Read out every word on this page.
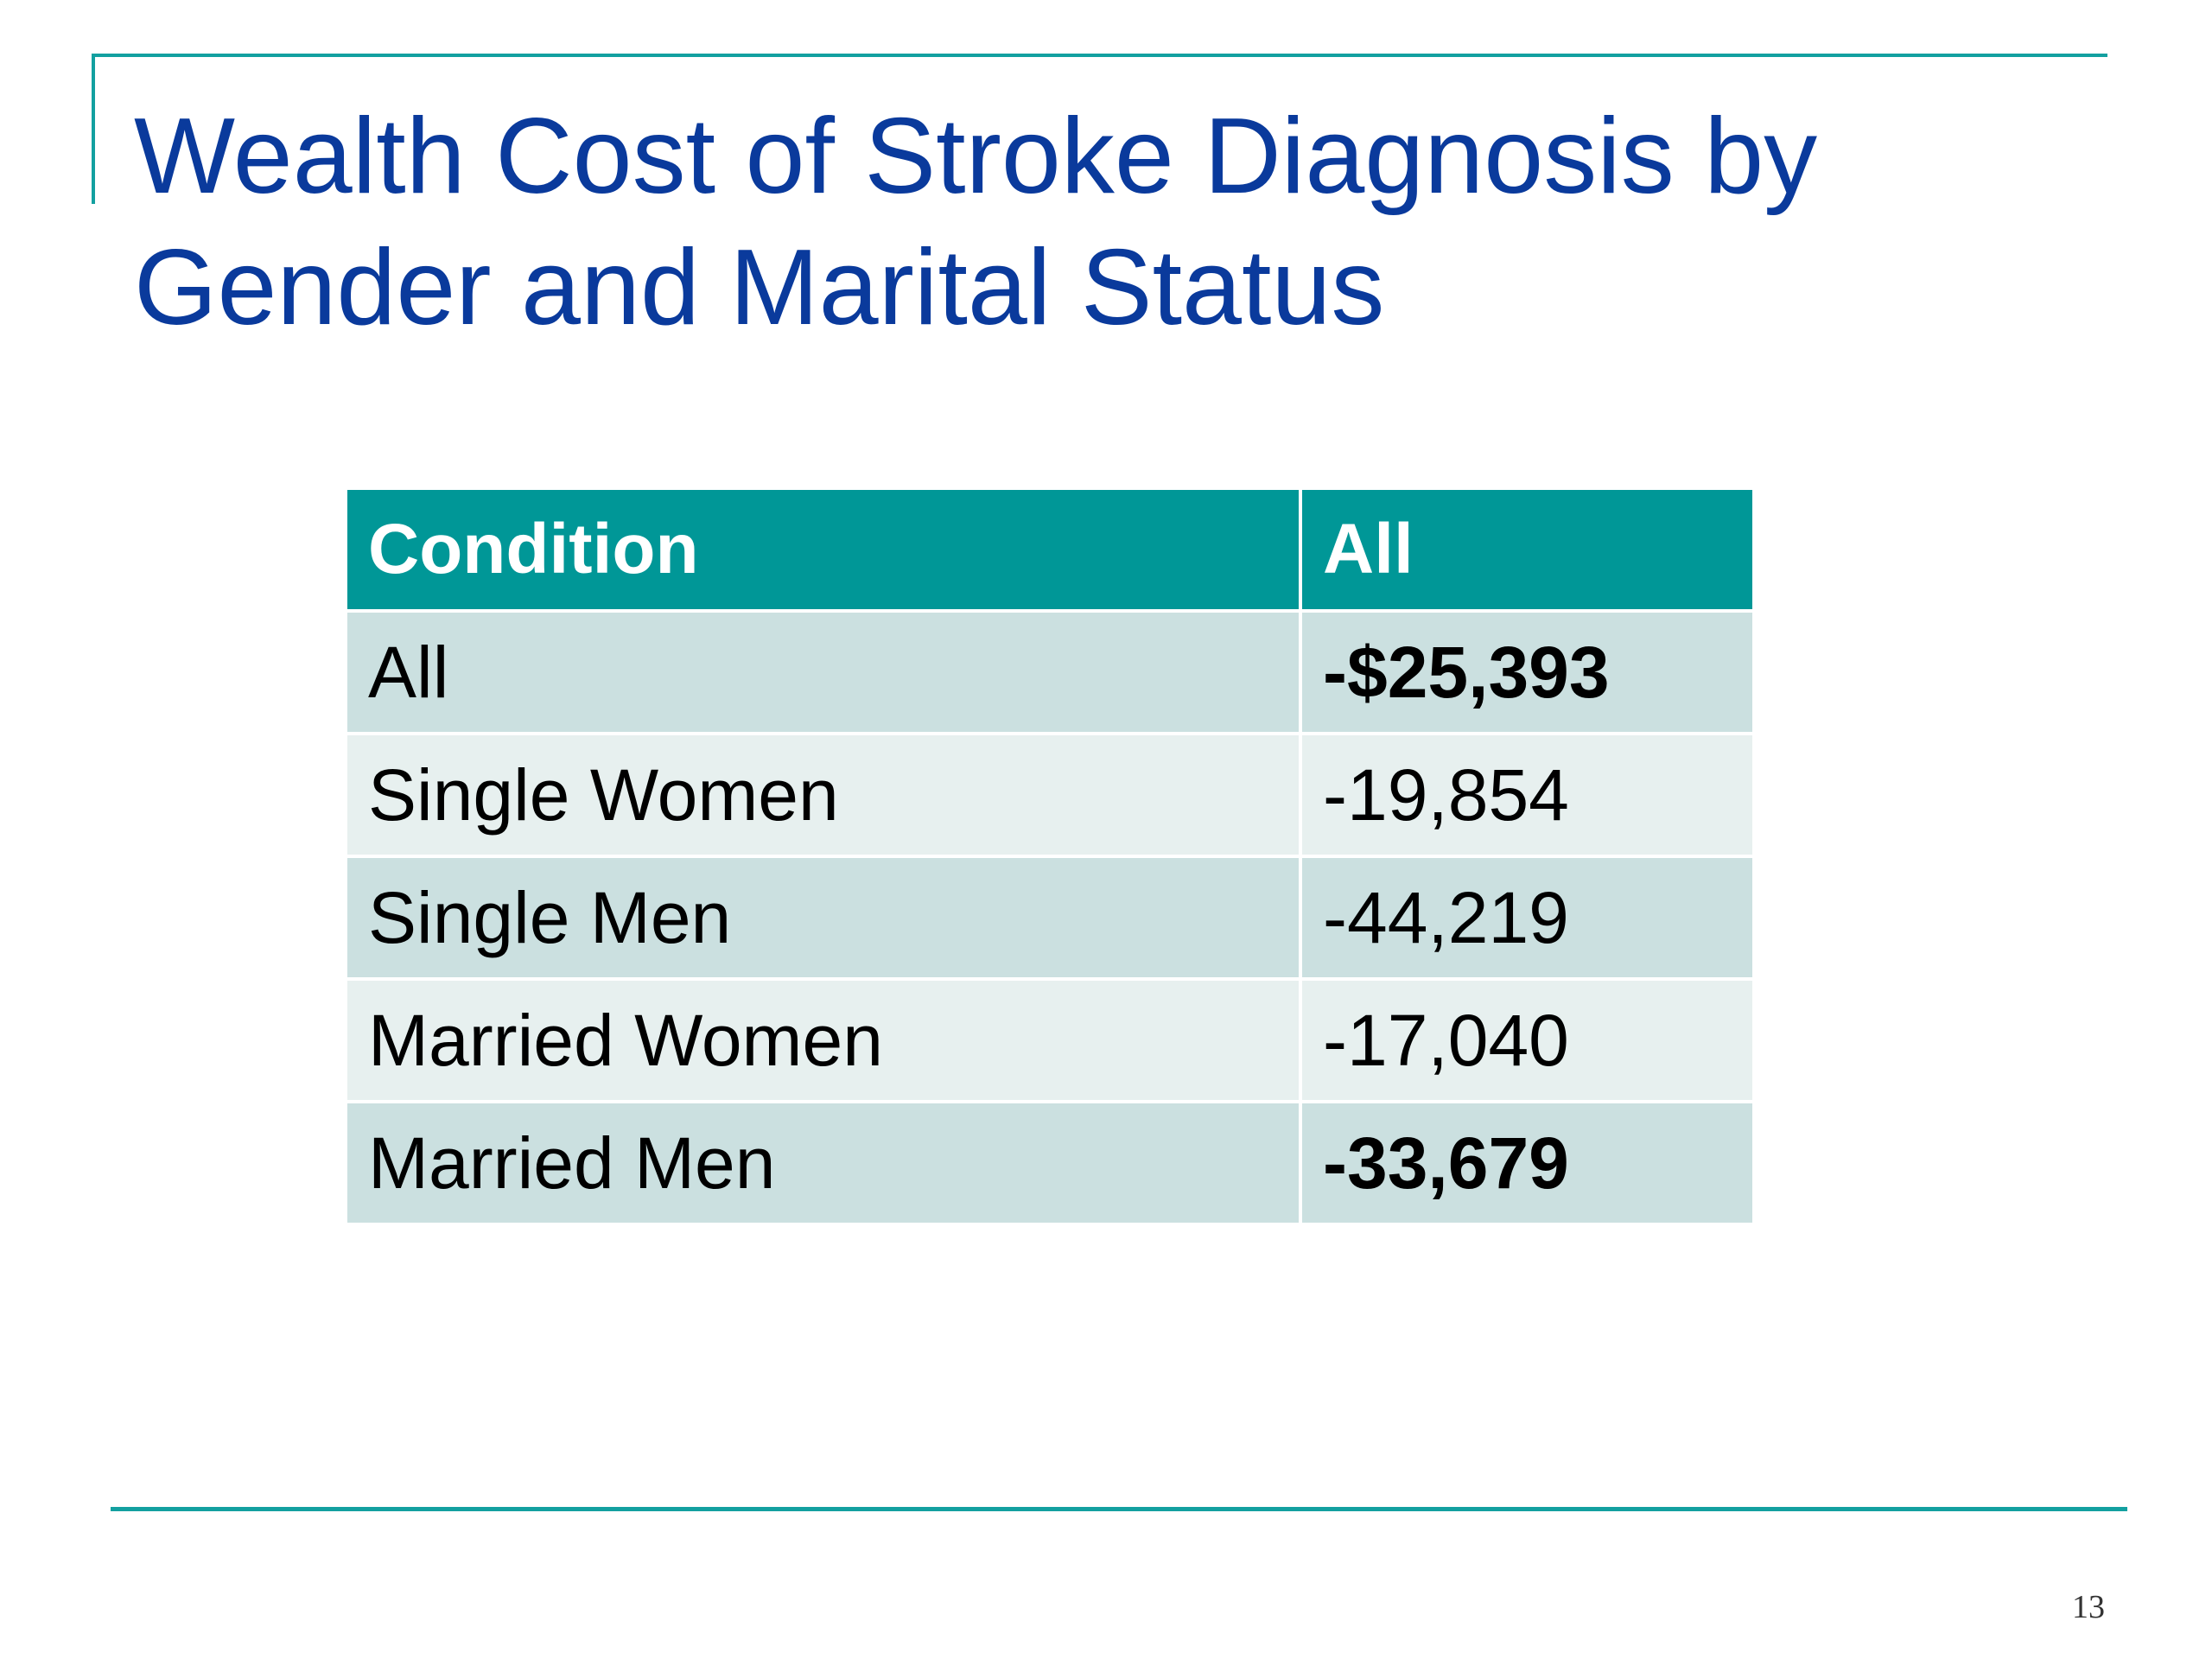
Wealth Cost of Stroke Diagnosis by
Gender and Marital Status
Condition	All
All	-$25,393
Single Women	-19,854
Single Men	-44,219
Married Women	-17,040
Married Men	-33,679
13
